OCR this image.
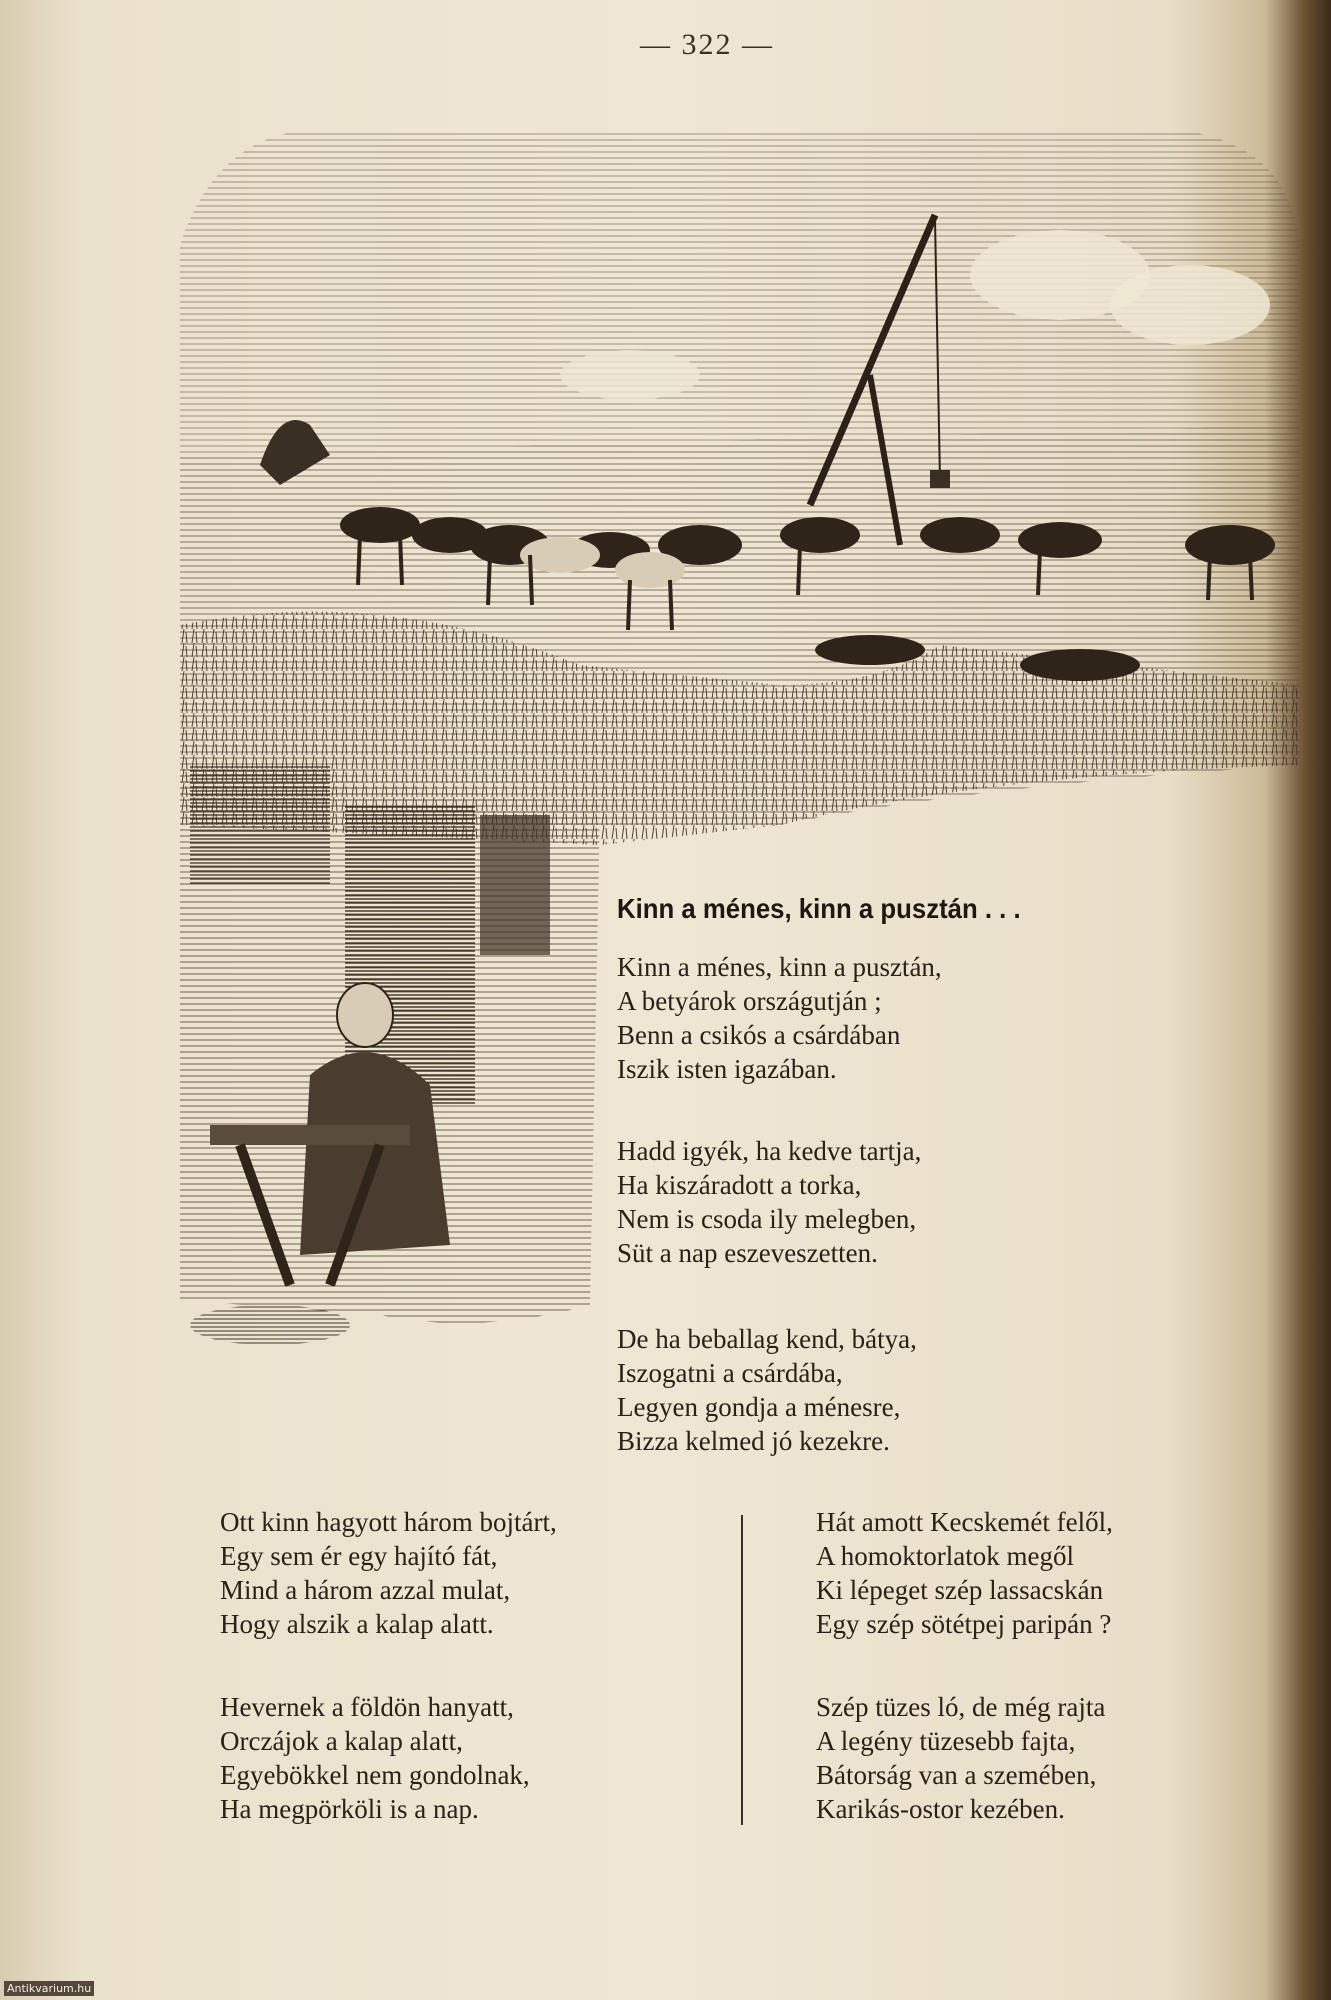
— 322 —
Kinn a ménes, kinn a pusztán . . .
Kinn a ménes, kinn a pusztán,
A betyárok országutján ;
Benn a csikós a csárdában
Iszik isten igazában.
Hadd igyék, ha kedve tartja,
Ha kiszáradott a torka,
Nem is csoda ily melegben,
Süt a nap eszeveszetten.
De ha beballag kend, bátya,
Iszogatni a csárdába,
Legyen gondja a ménesre,
Bizza kelmed jó kezekre.
Ott kinn hagyott három bojtárt,
Egy sem ér egy hajító fát,
Mind a három azzal mulat,
Hogy alszik a kalap alatt.
Hevernek a földön hanyatt,
Orczájok a kalap alatt,
Egyebökkel nem gondolnak,
Ha megpörköli is a nap.
Hát amott Kecskemét felől,
A homoktorlatok megől
Ki lépeget szép lassacskán
Egy szép sötétpej paripán ?
Szép tüzes ló, de még rajta
A legény tüzesebb fajta,
Bátorság van a szemében,
Karikás-ostor kezében.
Antikvarium.hu
